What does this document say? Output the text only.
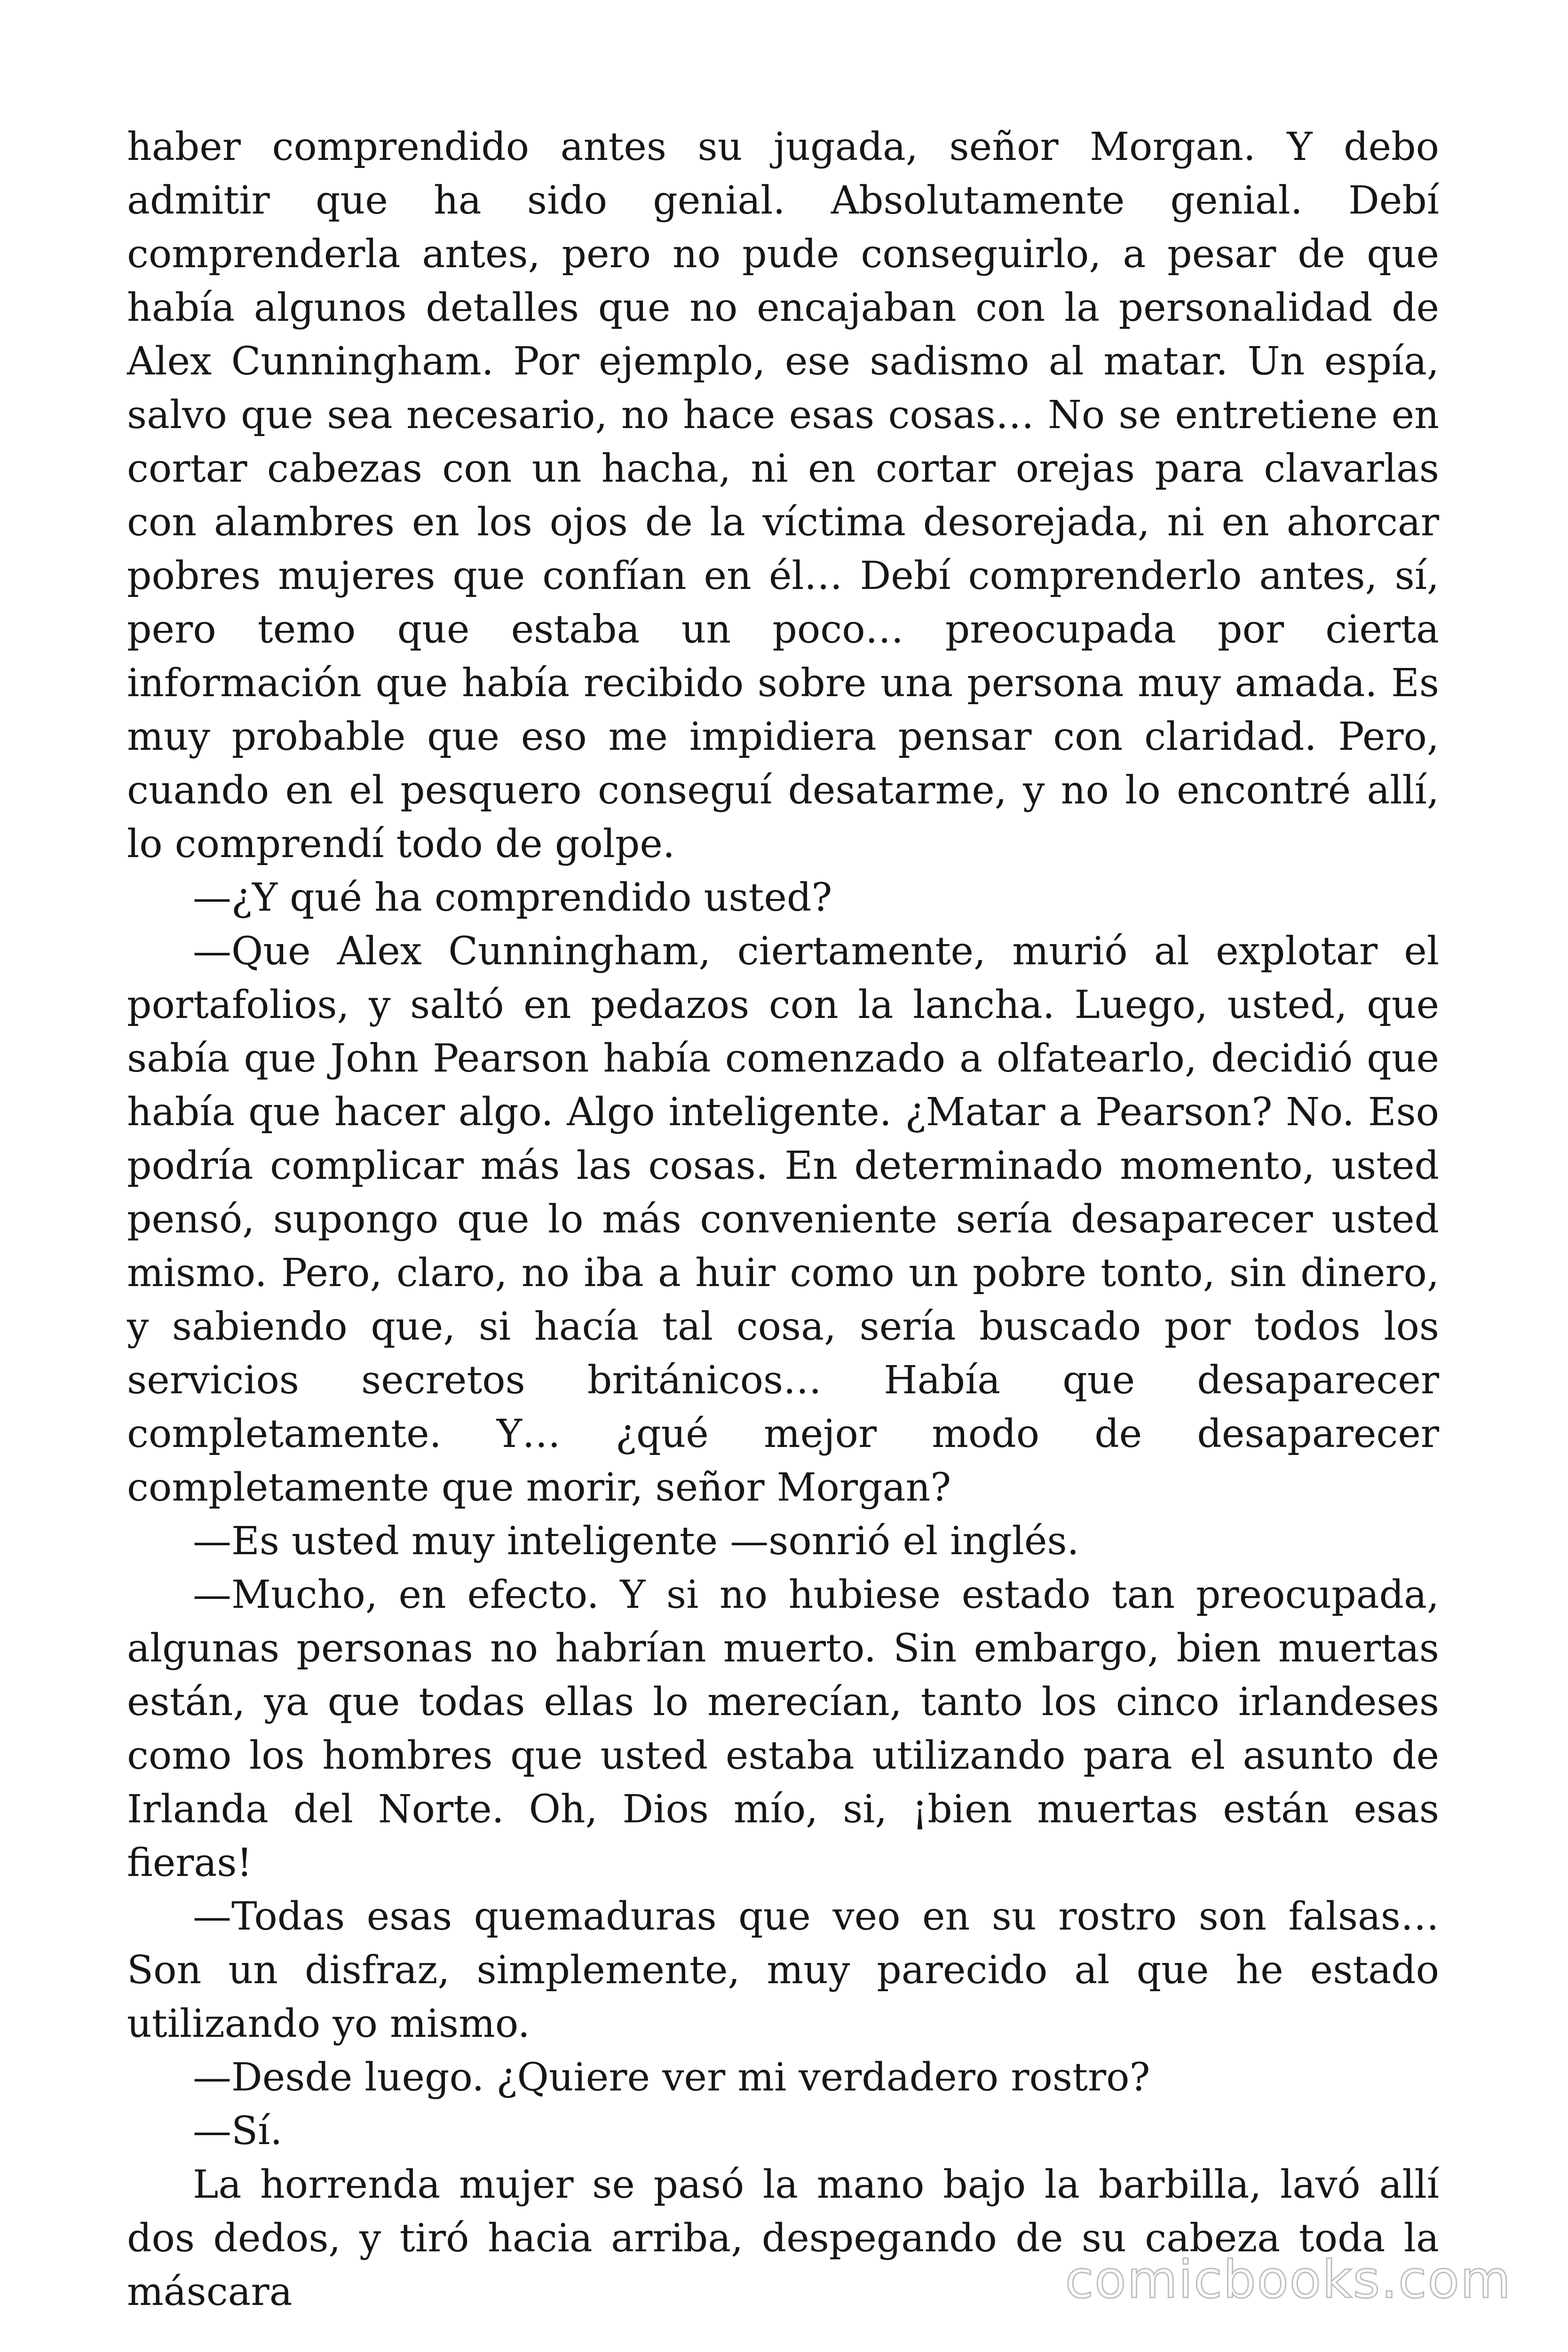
haber comprendido antes su jugada, señor Morgan. Y debo admitir que ha sido genial. Absolutamente genial. Debí comprenderla antes, pero no pude conseguirlo, a pesar de que había algunos detalles que no encajaban con la personalidad de Alex Cunningham. Por ejemplo, ese sadismo al matar. Un espía, salvo que sea necesario, no hace esas cosas… No se entretiene en cortar cabezas con un hacha, ni en cortar orejas para clavarlas con alambres en los ojos de la víctima desorejada, ni en ahorcar pobres mujeres que confían en él… Debí comprenderlo antes, sí, pero temo que estaba un poco… preocupada por cierta información que había recibido sobre una persona muy amada. Es muy probable que eso me impidiera pensar con claridad. Pero, cuando en el pesquero conseguí desatarme, y no lo encontré allí, lo comprendí todo de golpe.

—¿Y qué ha comprendido usted?

—Que Alex Cunningham, ciertamente, murió al explotar el portafolios, y saltó en pedazos con la lancha. Luego, usted, que sabía que John Pearson había comenzado a olfatearlo, decidió que había que hacer algo. Algo inteligente. ¿Matar a Pearson? No. Eso podría complicar más las cosas. En determinado momento, usted pensó, supongo que lo más conveniente sería desaparecer usted mismo. Pero, claro, no iba a huir como un pobre tonto, sin dinero, y sabiendo que, si hacía tal cosa, sería buscado por todos los servicios secretos británicos… Había que desaparecer completamente. Y… ¿qué mejor modo de desaparecer completamente que morir, señor Morgan?

—Es usted muy inteligente —sonrió el inglés.

—Mucho, en efecto. Y si no hubiese estado tan preocupada, algunas personas no habrían muerto. Sin embargo, bien muertas están, ya que todas ellas lo merecían, tanto los cinco irlandeses como los hombres que usted estaba utilizando para el asunto de Irlanda del Norte. Oh, Dios mío, si, ¡bien muertas están esas fieras!

—Todas esas quemaduras que veo en su rostro son falsas… Son un disfraz, simplemente, muy parecido al que he estado utilizando yo mismo.

—Desde luego. ¿Quiere ver mi verdadero rostro?

—Sí.

La horrenda mujer se pasó la mano bajo la barbilla, lavó allí dos dedos, y tiró hacia arriba, despegando de su cabeza toda la máscara	comicbooks.com
